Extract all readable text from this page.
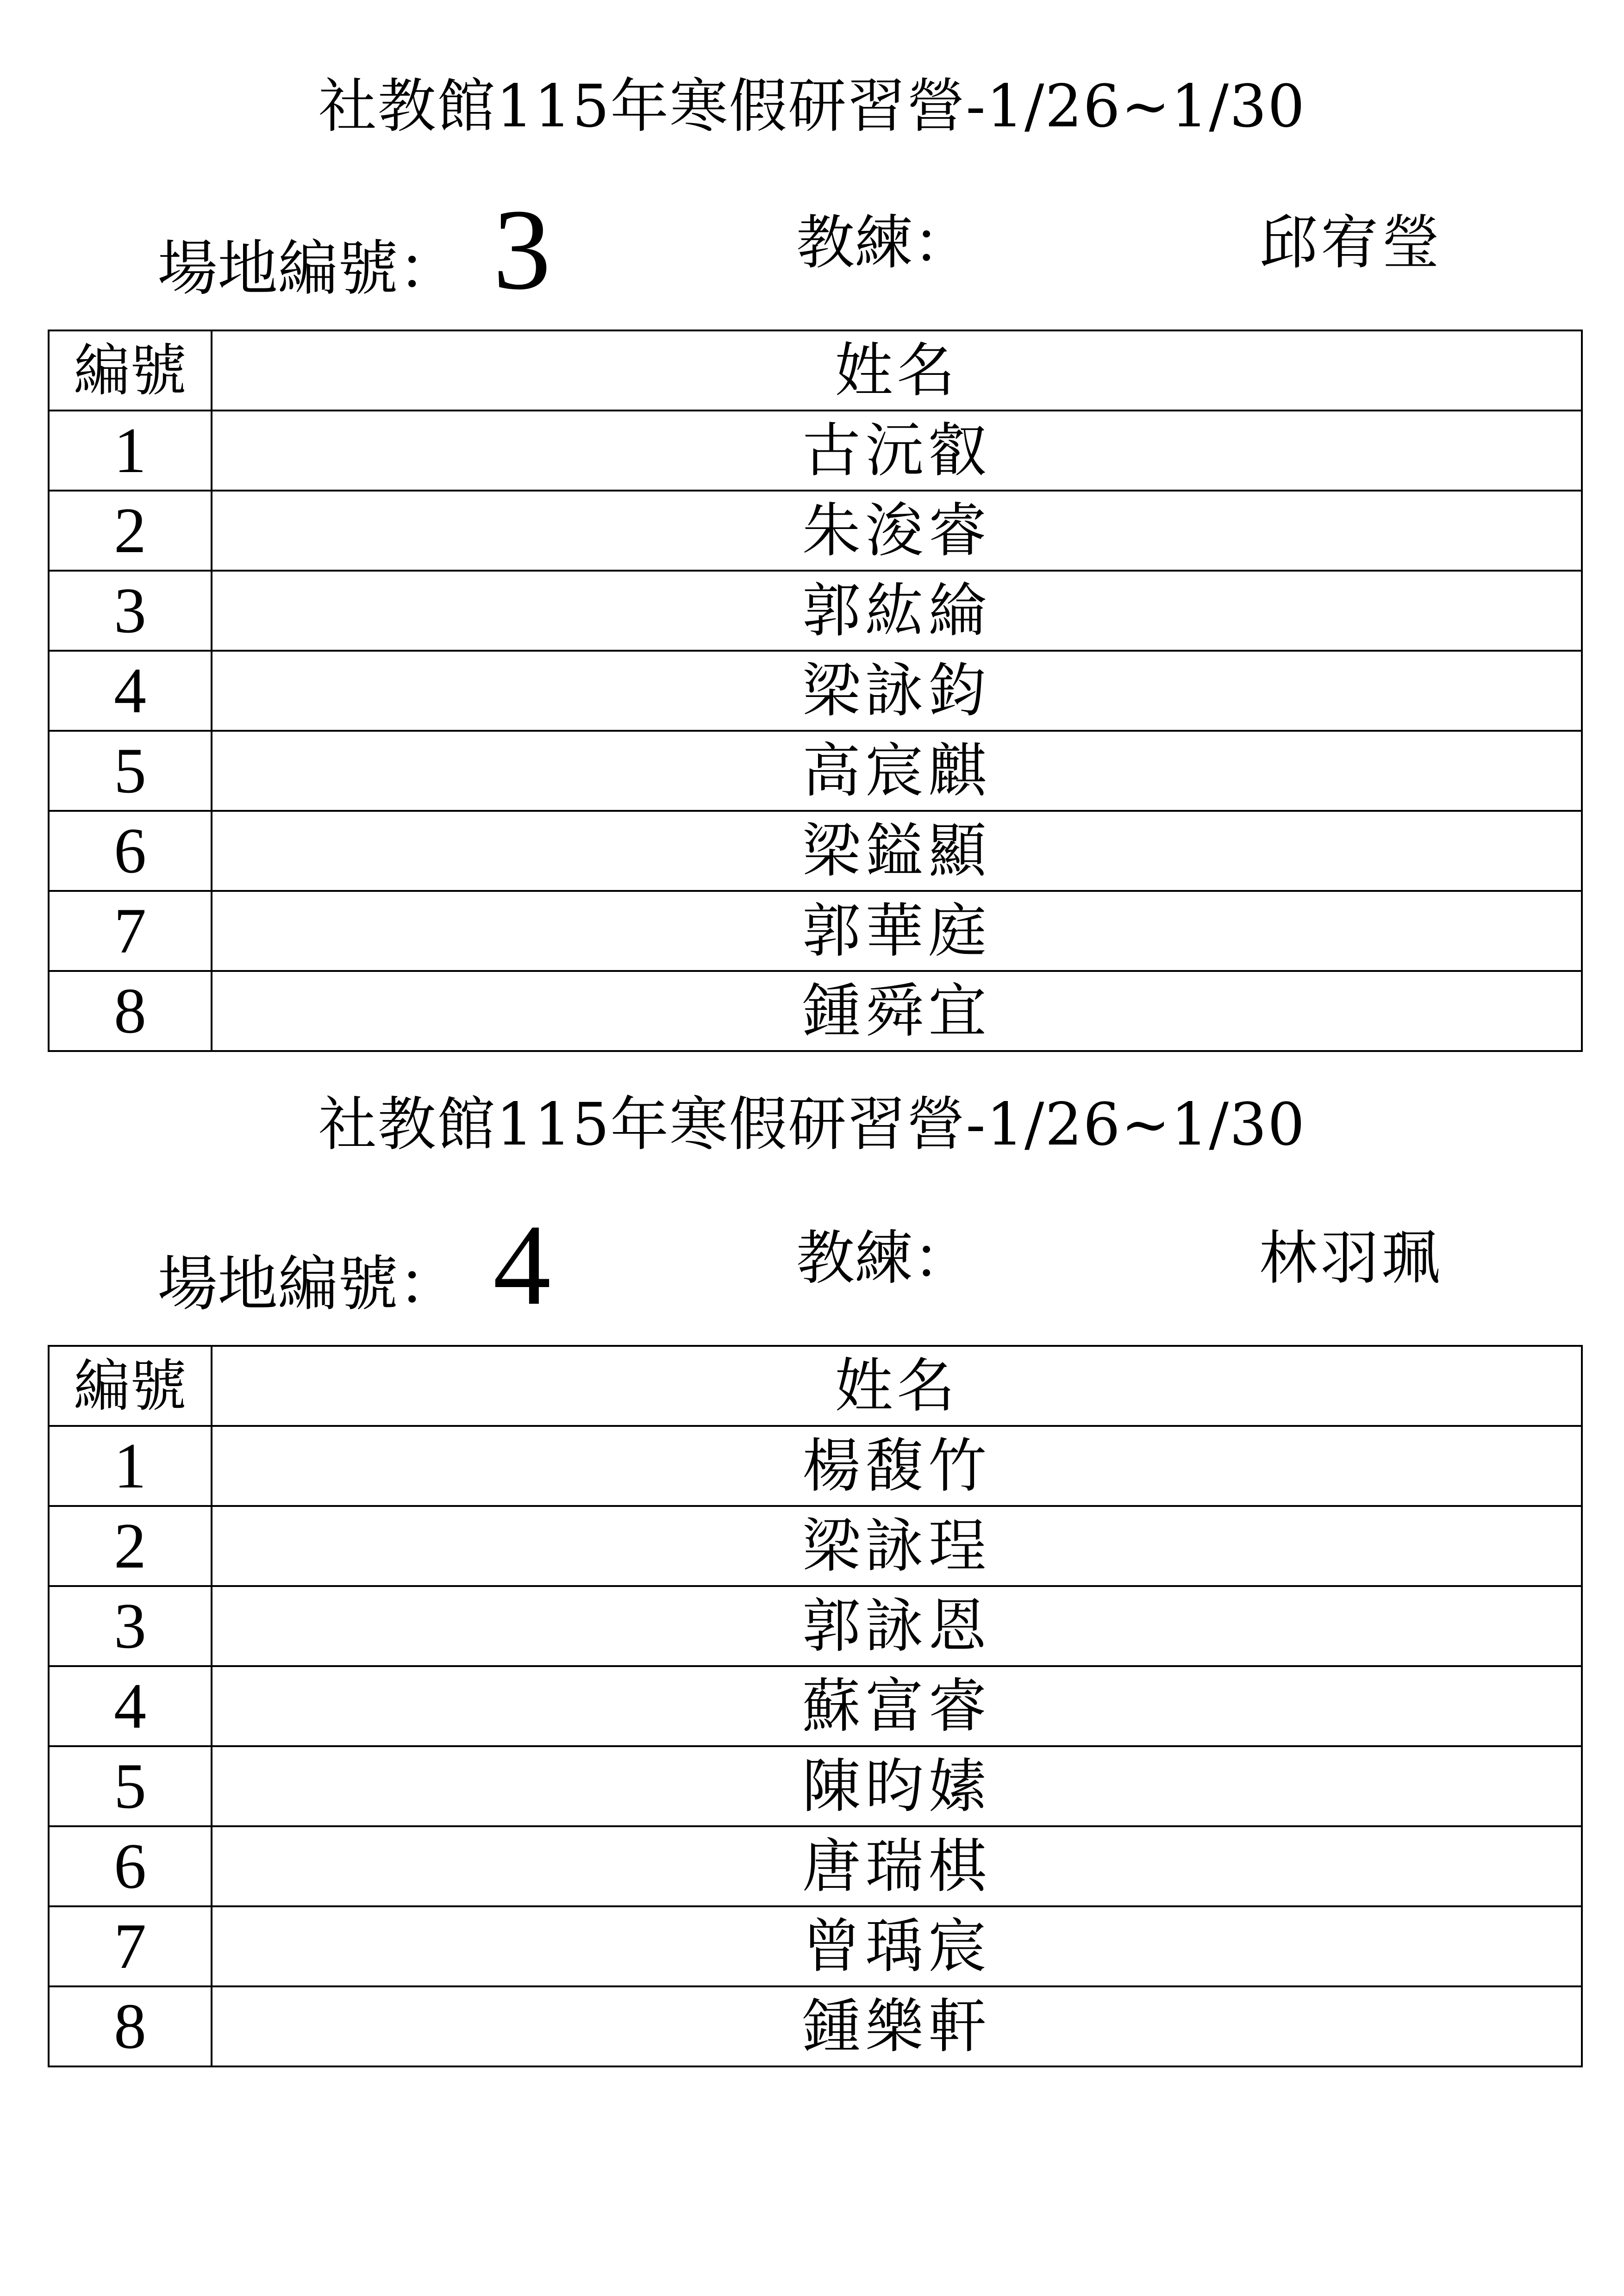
社教館115年寒假研習營-1/26~1/30
場地編號： 3	教練：	邱宥瑩
編號	姓名
1	古沅叡
2	朱浚睿
3	郭紘綸
4	梁詠鈞
5	高宸麒
6	梁鎰顯
7	郭華庭
8	鍾舜宜
社教館115年寒假研習營-1/26~1/30
場地編號： 4	教練：	林羽珮
編號	姓名
1	楊馥竹
2	梁詠珵
3	郭詠恩
4	蘇富睿
5	陳昀嫊
6	唐瑞棋
7	曾瑀宸
8	鍾樂軒
